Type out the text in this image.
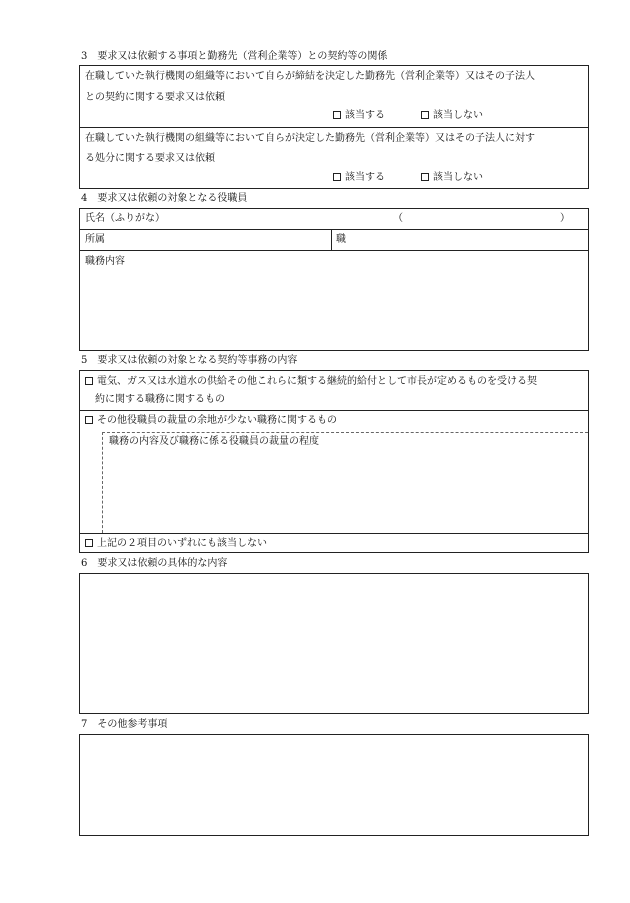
3　要求又は依頼する事項と勤務先（営利企業等）との契約等の関係
在職していた執行機関の組織等において自らが締結を決定した勤務先（営利企業等）又はその子法人
との契約に関する要求又は依頼
該当する	該当しない
在職していた執行機関の組織等において自らが決定した勤務先（営利企業等）又はその子法人に対す
る処分に関する要求又は依頼
該当する	該当しない
4　要求又は依頼の対象となる役職員
氏名（ふりがな）	（	）
所属	職
職務内容
5　要求又は依頼の対象となる契約等事務の内容
電気、ガス又は水道水の供給その他これらに類する継続的給付として市長が定めるものを受ける契
約に関する職務に関するもの
その他役職員の裁量の余地が少ない職務に関するもの
職務の内容及び職務に係る役職員の裁量の程度
上記の２項目のいずれにも該当しない
6　要求又は依頼の具体的な内容
7　その他参考事項
